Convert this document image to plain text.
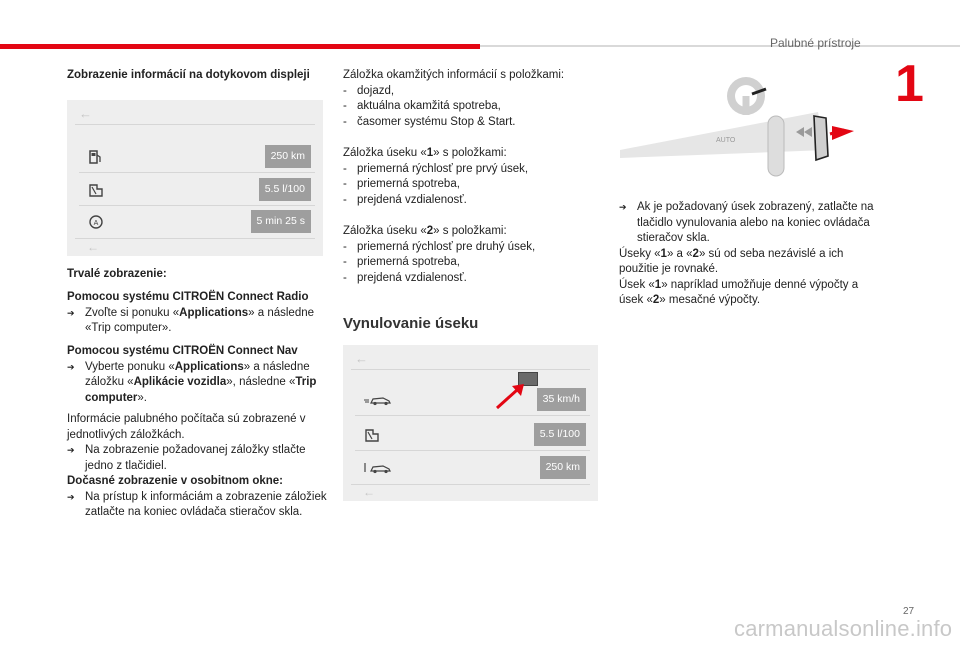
Palubné prístroje
1

Zobrazenie informácií na dotykovom displeji

←
250 km
5.5 l/100
A	5 min 25 s
←

Trvalé zobrazenie:

Pomocou systému CITROËN Connect Radio

➔ Zvoľte si ponuku «Applications» a následne «Trip computer».

Pomocou systému CITROËN Connect Nav

➔ Vyberte ponuku «Applications» a následne záložku «Aplikácie vozidla», následne «Trip computer».

Informácie palubného počítača sú zobrazené v jednotlivých záložkách.

➔ Na zobrazenie požadovanej záložky stlačte jedno z tlačidiel.

Dočasné zobrazenie v osobitnom okne:

➔ Na prístup k informáciám a zobrazenie záložiek zatlačte na koniec ovládača stieračov skla.

Záložka okamžitých informácií s položkami:

- dojazd,

- aktuálna okamžitá spotreba,

- časomer systému Stop & Start.

Záložka úseku «1» s položkami:

- priemerná rýchlosť pre prvý úsek,

- priemerná spotreba,

- prejdená vzdialenosť.

Záložka úseku «2» s položkami:

- priemerná rýchlosť pre druhý úsek,

- priemerná spotreba,

- prejdená vzdialenosť.

Vynulovanie úseku
←
35 km/h
5.5 l/100
250 km
←
AUTO

➔ Ak je požadovaný úsek zobrazený, zatlačte na tlačidlo vynulovania alebo na koniec ovládača stieračov skla.

Úseky «1» a «2» sú od seba nezávislé a ich použitie je rovnaké.

Úsek «1» napríklad umožňuje denné výpočty a úsek «2» mesačné výpočty.

27
carmanualsonline.info
